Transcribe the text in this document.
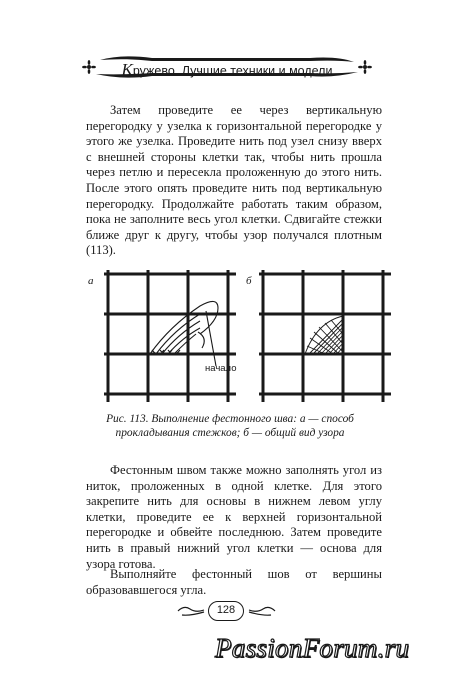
Кружево. Лучшие техники и модели

Затем проведите ее через вертикальную перегородку у узелка к горизонтальной перегородке у этого же узелка. Проведите нить под узел снизу вверх с внешней стороны клетки так, чтобы нить прошла через петлю и пересекла проложенную до этого нить. После этого опять проведите нить под вертикальную перегородку. Продолжайте работать таким образом, пока не заполните весь угол клетки. Сдвигайте стежки ближе друг к другу, чтобы узор получался плотным (113).

а
начало
б
Рис. 113. Выполнение фестонного шва: а — способ прокладывания стежков; б — общий вид узора

Фестонным швом также можно заполнять угол из ниток, проложенных в одной клетке. Для этого закрепите нить для основы в нижнем левом углу клетки, проведите ее к верхней горизонтальной перегородке и обвейте последнюю. Затем проведите нить в правый нижний угол клетки — основа для узора готова.

Выполняйте фестонный шов от вершины образовавшегося угла.

128
PassionForum.ru
